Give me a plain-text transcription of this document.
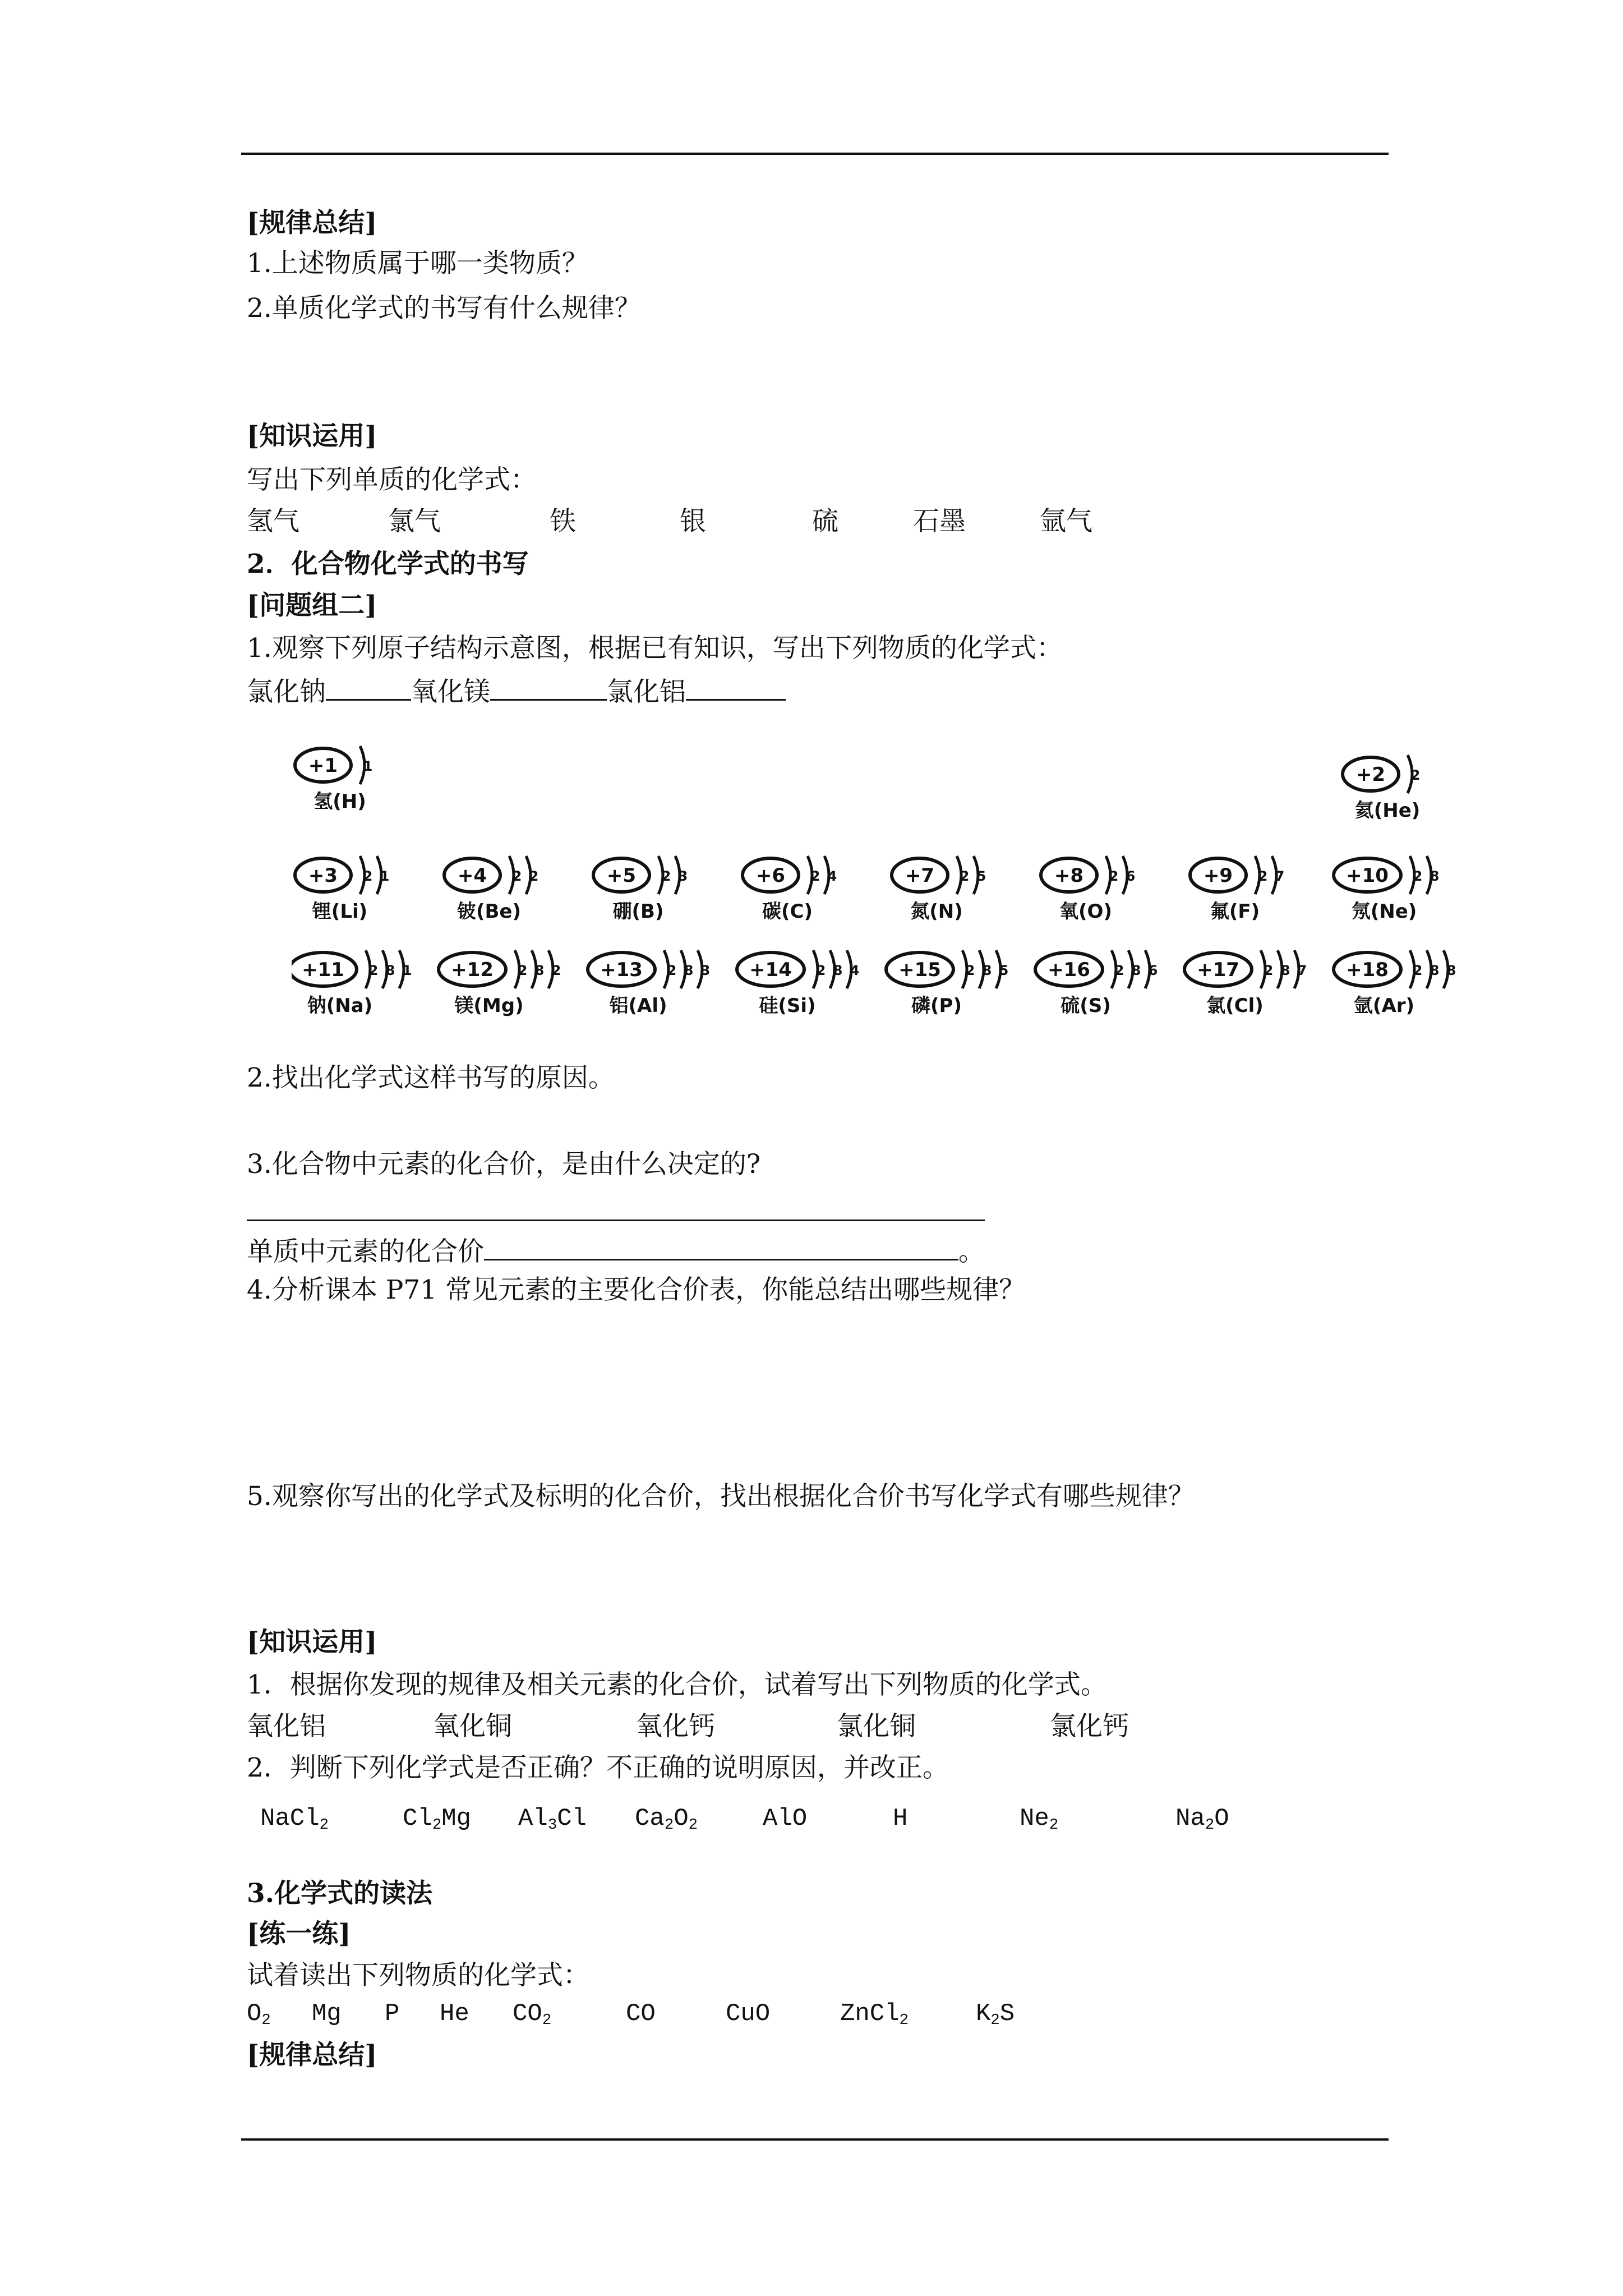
[规律总结]
1.上述物质属于哪一类物质？
2.单质化学式的书写有什么规律？
[知识运用]
写出下列单质的化学式：
氢气	氯气	铁	银	硫	石墨	氩气
2．化合物化学式的书写
[问题组二]
1.观察下列原子结构示意图，根据已有知识，写出下列物质的化学式：
氯化钠	氧化镁	氯化铝
+1 1
氢(H)
+2 2
氦(He)
+3 2 1
锂(Li)
+4 2 2
铍(Be)
+5 2 3
硼(B)
+6 2 4
碳(C)
+7 2 5
氮(N)
+8 2 6
氧(O)
+9 2 7
氟(F)
+10 2 8
氖(Ne)
+11 2 8 1
钠(Na)
+12 2 8 2
镁(Mg)
+13 2 8 3
铝(Al)
+14 2 8 4
硅(Si)
+15 2 8 5
磷(P)
+16 2 8 6
硫(S)
+17 2 8 7
氯(Cl)
+18 2 8 8
氩(Ar)
2.找出化学式这样书写的原因。
3.化合物中元素的化合价，是由什么决定的?
单质中元素的化合价	。
4.分析课本 P71 常见元素的主要化合价表，你能总结出哪些规律？
5.观察你写出的化学式及标明的化合价，找出根据化合价书写化学式有哪些规律？
[知识运用]
1．根据你发现的规律及相关元素的化合价，试着写出下列物质的化学式。
氧化铝	氧化铜	氧化钙	氯化铜	氯化钙
2．判断下列化学式是否正确？不正确的说明原因，并改正。
NaCl$_2$	$Cl_2Mg$ $Al_3Cl$ $Ca_2O_2$	AlO	H	$Ne_2$	$Na_2O$
3.化学式的读法
[练一练]
试着读出下列物质的化学式：
$O_2$ Mg P He $CO_2$	CO	CuO	ZnCl$_2$	$K_2S$
[规律总结]
